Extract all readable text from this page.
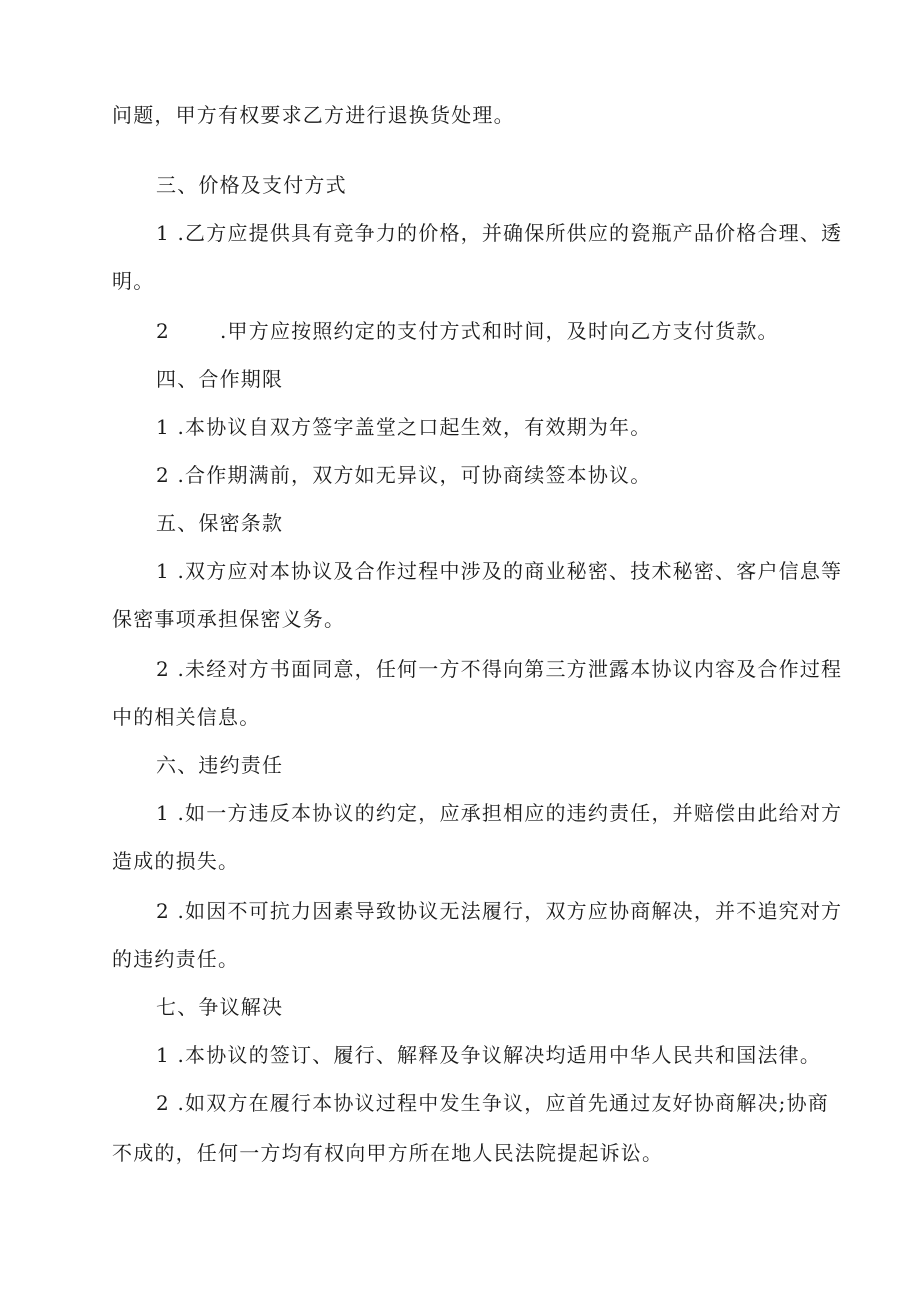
问题，甲方有权要求乙方进行退换货处理。
三、价格及支付方式
1 .乙方应提供具有竞争力的价格，并确保所供应的瓷瓶产品价格合理、透
明。
2	.甲方应按照约定的支付方式和时间，及时向乙方支付货款。
四、合作期限
1 .本协议自双方签字盖堂之口起生效，有效期为年。
2 .合作期满前，双方如无异议，可协商续签本协议。
五、保密条款
1 .双方应对本协议及合作过程中涉及的商业秘密、技术秘密、客户信息等
保密事项承担保密义务。
2 .未经对方书面同意，任何一方不得向第三方泄露本协议内容及合作过程
中的相关信息。
六、违约责任
1 .如一方违反本协议的约定，应承担相应的违约责任，并赔偿由此给对方
造成的损失。
2 .如因不可抗力因素导致协议无法履行，双方应协商解决，并不追究对方
的违约责任。
七、争议解决
1 .本协议的签订、履行、解释及争议解决均适用中华人民共和国法律。
2 .如双方在履行本协议过程中发生争议，应首先通过友好协商解决;协商
不成的，任何一方均有权向甲方所在地人民法院提起诉讼。
